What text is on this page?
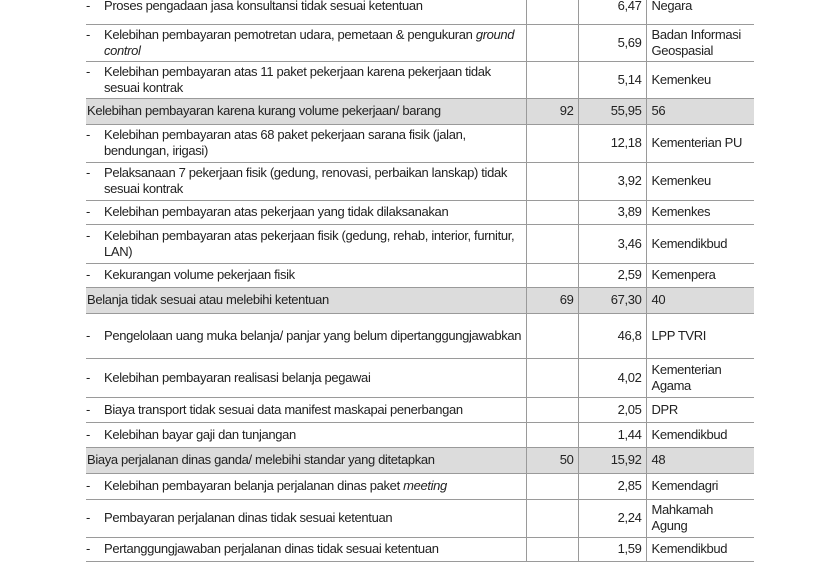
- Proses pengadaan jasa konsultansi tidak sesuai ketentuan		6,47	Negara

- Kelebihan pembayaran pemotretan udara, pemetaan & pengukuran ground control		5,69	Badan Informasi Geospasial

- Kelebihan pembayaran atas 11 paket pekerjaan karena pekerjaan tidak sesuai kontrak		5,14	Kemenkeu
Kelebihan pembayaran karena kurang volume pekerjaan/ barang	92	55,95	56

- Kelebihan pembayaran atas 68 paket pekerjaan sarana fisik (jalan, bendungan, irigasi)		12,18	Kementerian PU

- Pelaksanaan 7 pekerjaan fisik (gedung, renovasi, perbaikan lanskap) tidak sesuai kontrak		3,92	Kemenkeu

- Kelebihan pembayaran atas pekerjaan yang tidak dilaksanakan		3,89	Kemenkes

- Kelebihan pembayaran atas pekerjaan fisik (gedung, rehab, interior, furnitur, LAN)		3,46	Kemendikbud

- Kekurangan volume pekerjaan fisik		2,59	Kemenpera
Belanja tidak sesuai atau melebihi ketentuan	69	67,30	40

- Pengelolaan uang muka belanja/ panjar yang belum dipertanggungjawabkan		46,8	LPP TVRI

- Kelebihan pembayaran realisasi belanja pegawai		4,02	Kementerian Agama

- Biaya transport tidak sesuai data manifest maskapai penerbangan		2,05	DPR

- Kelebihan bayar gaji dan tunjangan		1,44	Kemendikbud
Biaya perjalanan dinas ganda/ melebihi standar yang ditetapkan	50	15,92	48

- Kelebihan pembayaran belanja perjalanan dinas paket meeting		2,85	Kemendagri

- Pembayaran perjalanan dinas tidak sesuai ketentuan		2,24	Mahkamah Agung

- Pertanggungjawaban perjalanan dinas tidak sesuai ketentuan		1,59	Kemendikbud
